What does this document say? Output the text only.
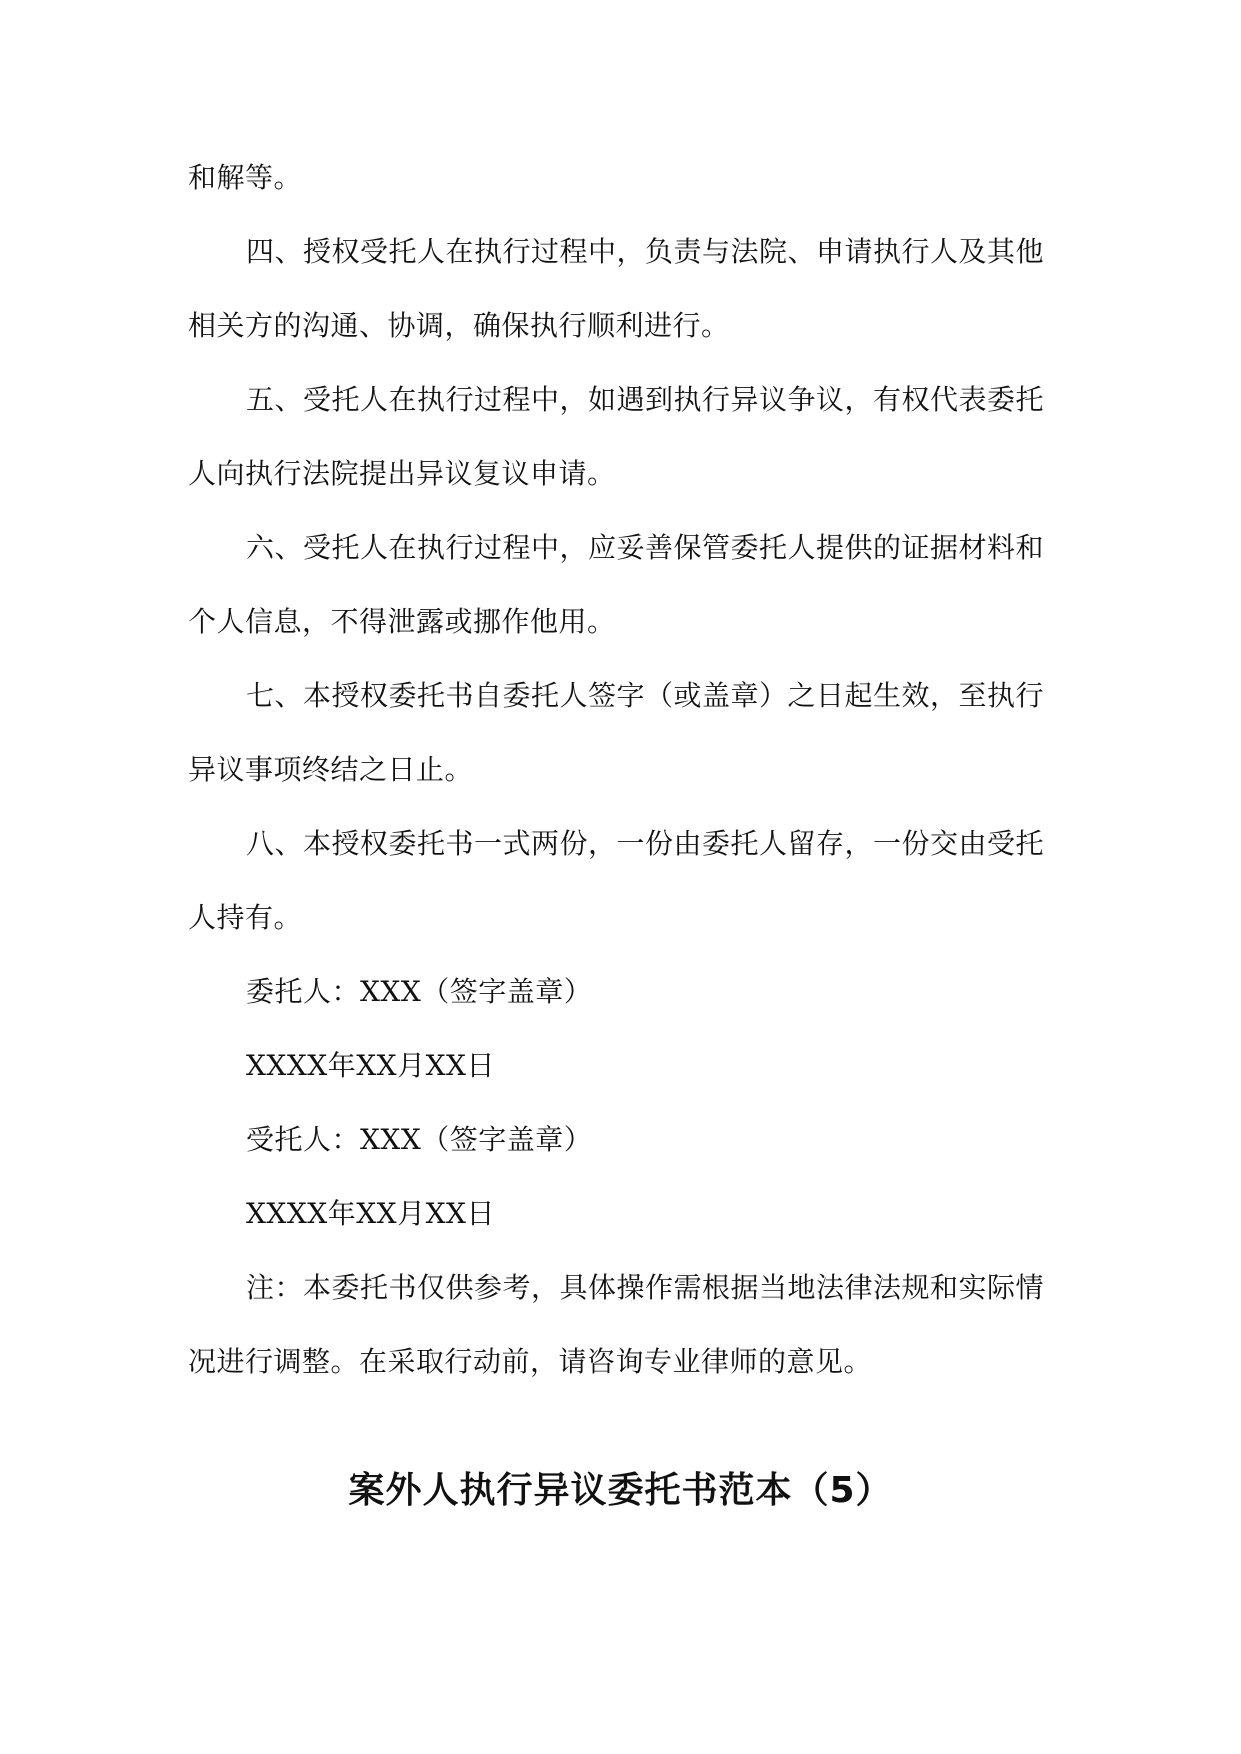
和解等。
四、授权受托人在执行过程中，负责与法院、申请执行人及其他
相关方的沟通、协调，确保执行顺利进行。
五、受托人在执行过程中，如遇到执行异议争议，有权代表委托
人向执行法院提出异议复议申请。
六、受托人在执行过程中，应妥善保管委托人提供的证据材料和
个人信息，不得泄露或挪作他用。
七、本授权委托书自委托人签字（或盖章）之日起生效，至执行
异议事项终结之日止。
八、本授权委托书一式两份，一份由委托人留存，一份交由受托
人持有。
委托人：XXX（签字盖章）
XXXX年XX月XX日
受托人：XXX（签字盖章）
XXXX年XX月XX日
注：本委托书仅供参考，具体操作需根据当地法律法规和实际情
况进行调整。在采取行动前，请咨询专业律师的意见。
案外人执行异议委托书范本（5）
